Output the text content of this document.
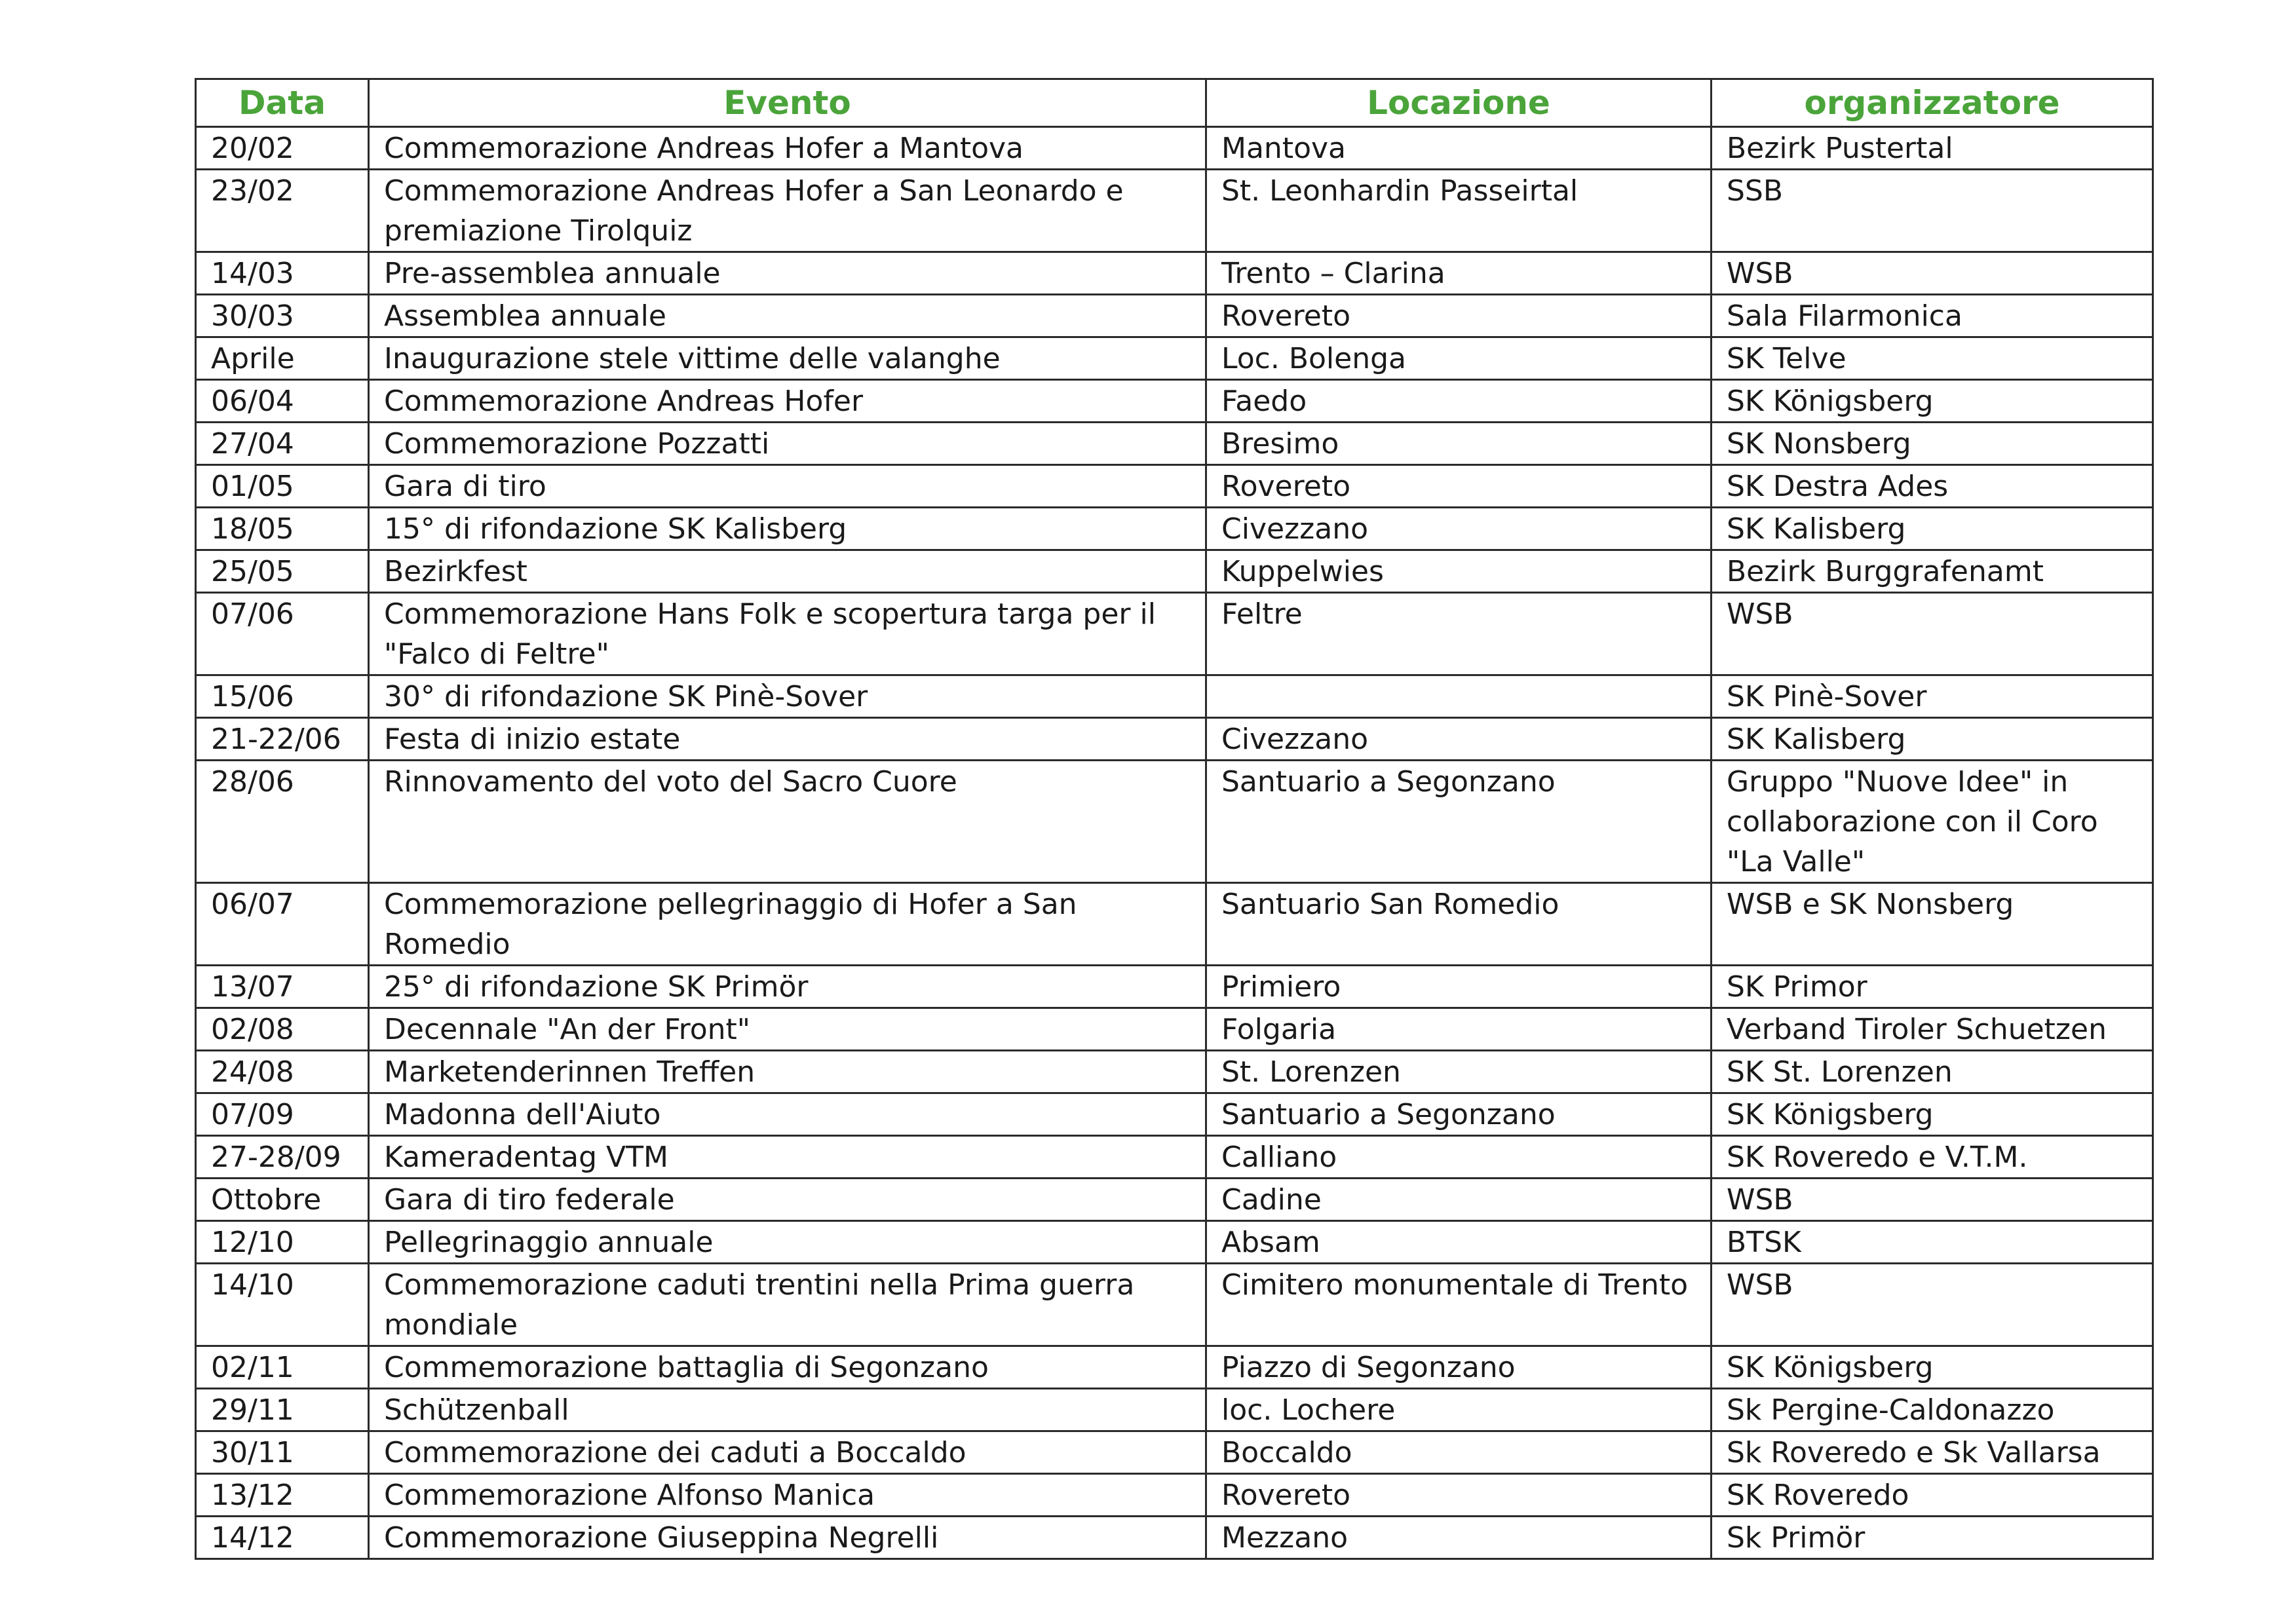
Data	Evento	Locazione	organizzatore
20/02	Commemorazione Andreas Hofer a Mantova	Mantova	Bezirk Pustertal
23/02	Commemorazione Andreas Hofer a San Leonardo e premiazione Tirolquiz	St. Leonhardin Passeirtal	SSB
14/03	Pre-assemblea annuale	Trento – Clarina	WSB
30/03	Assemblea annuale	Rovereto	Sala Filarmonica
Aprile	Inaugurazione stele vittime delle valanghe	Loc. Bolenga	SK Telve
06/04	Commemorazione Andreas Hofer	Faedo	SK Königsberg
27/04	Commemorazione Pozzatti	Bresimo	SK Nonsberg
01/05	Gara di tiro	Rovereto	SK Destra Ades
18/05	15° di rifondazione SK Kalisberg	Civezzano	SK Kalisberg
25/05	Bezirkfest	Kuppelwies	Bezirk Burggrafenamt
07/06	Commemorazione Hans Folk e scopertura targa per il "Falco di Feltre"	Feltre	WSB
15/06	30° di rifondazione SK Pinè-Sover		SK Pinè-Sover
21-22/06	Festa di inizio estate	Civezzano	SK Kalisberg
28/06	Rinnovamento del voto del Sacro Cuore	Santuario a Segonzano	Gruppo "Nuove Idee" in collaborazione con il Coro "La Valle"
06/07	Commemorazione pellegrinaggio di Hofer a San Romedio	Santuario San Romedio	WSB e SK Nonsberg
13/07	25° di rifondazione SK Primör	Primiero	SK Primor
02/08	Decennale "An der Front"	Folgaria	Verband Tiroler Schuetzen
24/08	Marketenderinnen Treffen	St. Lorenzen	SK St. Lorenzen
07/09	Madonna dell'Aiuto	Santuario a Segonzano	SK Königsberg
27-28/09	Kameradentag VTM	Calliano	SK Roveredo e V.T.M.
Ottobre	Gara di tiro federale	Cadine	WSB
12/10	Pellegrinaggio annuale	Absam	BTSK
14/10	Commemorazione caduti trentini nella Prima guerra mondiale	Cimitero monumentale di Trento	WSB
02/11	Commemorazione battaglia di Segonzano	Piazzo di Segonzano	SK Königsberg
29/11	Schützenball	loc. Lochere	Sk Pergine-Caldonazzo
30/11	Commemorazione dei caduti a Boccaldo	Boccaldo	Sk Roveredo e Sk Vallarsa
13/12	Commemorazione Alfonso Manica	Rovereto	SK Roveredo
14/12	Commemorazione Giuseppina Negrelli	Mezzano	Sk Primör
